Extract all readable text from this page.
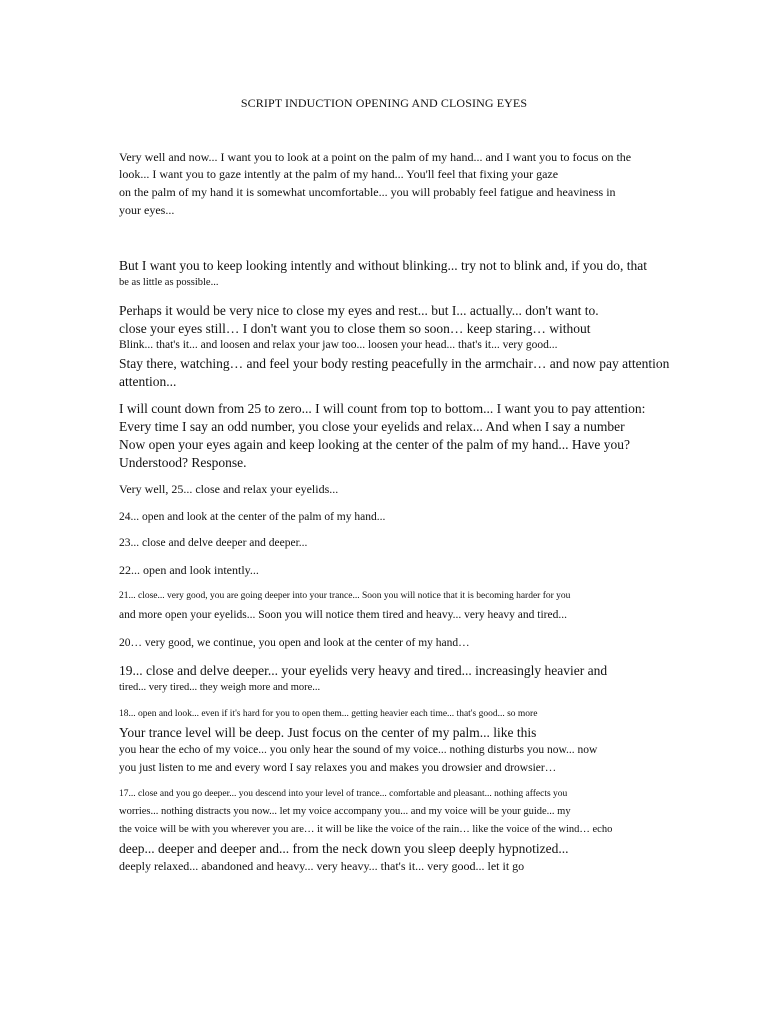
SCRIPT INDUCTION OPENING AND CLOSING EYES
Very well and now... I want you to look at a point on the palm of my hand... and I want you to focus on the
look... I want you to gaze intently at the palm of my hand... You'll feel that fixing your gaze
on the palm of my hand it is somewhat uncomfortable... you will probably feel fatigue and heaviness in
your eyes...
But I want you to keep looking intently and without blinking... try not to blink and, if you do, that
be as little as possible...
Perhaps it would be very nice to close my eyes and rest... but I... actually... don't want to.
close your eyes still… I don't want you to close them so soon… keep staring… without
Blink... that's it... and loosen and relax your jaw too... loosen your head... that's it... very good...
Stay there, watching… and feel your body resting peacefully in the armchair… and now pay attention
attention...
I will count down from 25 to zero... I will count from top to bottom... I want you to pay attention:
Every time I say an odd number, you close your eyelids and relax... And when I say a number
Now open your eyes again and keep looking at the center of the palm of my hand... Have you?
Understood? Response.
Very well, 25... close and relax your eyelids...
24... open and look at the center of the palm of my hand...
23... close and delve deeper and deeper...
22... open and look intently...
21... close... very good, you are going deeper into your trance... Soon you will notice that it is becoming harder for you
and more open your eyelids... Soon you will notice them tired and heavy... very heavy and tired...
20… very good, we continue, you open and look at the center of my hand…
19... close and delve deeper... your eyelids very heavy and tired... increasingly heavier and
tired... very tired... they weigh more and more...
18... open and look... even if it's hard for you to open them... getting heavier each time... that's good... so more
Your trance level will be deep. Just focus on the center of my palm... like this
you hear the echo of my voice... you only hear the sound of my voice... nothing disturbs you now... now
you just listen to me and every word I say relaxes you and makes you drowsier and drowsier…
17... close and you go deeper... you descend into your level of trance... comfortable and pleasant... nothing affects you
worries... nothing distracts you now... let my voice accompany you... and my voice will be your guide... my
the voice will be with you wherever you are… it will be like the voice of the rain… like the voice of the wind… echo
deep... deeper and deeper and... from the neck down you sleep deeply hypnotized...
deeply relaxed... abandoned and heavy... very heavy... that's it... very good... let it go
